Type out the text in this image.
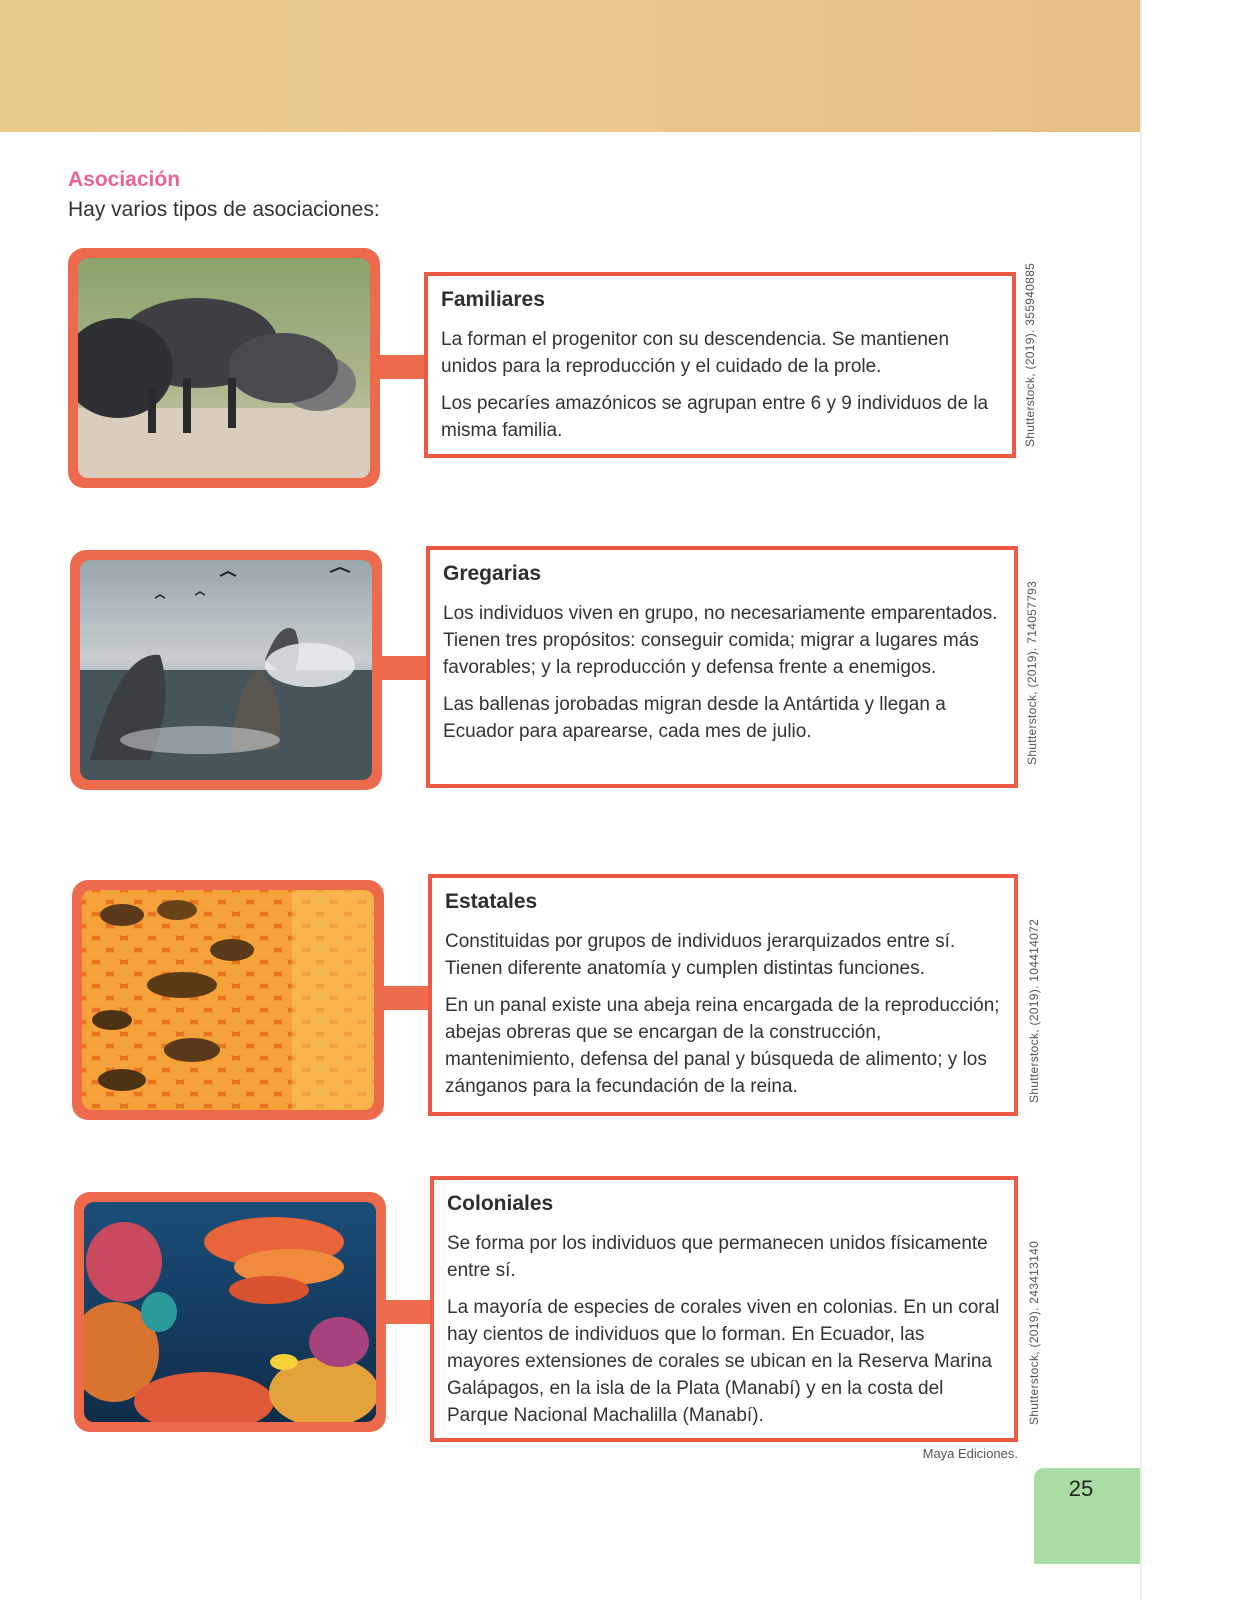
Asociación
Hay varios tipos de asociaciones:
Familiares

La forman el progenitor con su descendencia. Se mantienen unidos para la reproducción y el cuidado de la prole.

Los pecaríes amazónicos se agrupan entre 6 y 9 individuos de la misma familia.	Shutterstock, (2019). 355940885
Gregarias

Los individuos viven en grupo, no necesariamente emparentados. Tienen tres propósitos: conseguir comida; migrar a lugares más favorables; y la reproducción y defensa frente a enemigos.

Las ballenas jorobadas migran desde la Antártida y llegan a Ecuador para aparearse, cada mes de julio.	Shutterstock, (2019). 714057793
Estatales

Constituidas por grupos de individuos jerarquizados entre sí. Tienen diferente anatomía y cumplen distintas funciones.

En un panal existe una abeja reina encargada de la reproducción; abejas obreras que se encargan de la construcción, mantenimiento, defensa del panal y búsqueda de alimento; y los zánganos para la fecundación de la reina.	Shutterstock, (2019). 104414072
Coloniales

Se forma por los individuos que permanecen unidos físicamente entre sí.

La mayoría de especies de corales viven en colonias. En un coral hay cientos de individuos que lo forman. En Ecuador, las mayores extensiones de corales se ubican en la Reserva Marina Galápagos, en la isla de la Plata (Manabí) y en la costa del Parque Nacional Machalilla (Manabí).	Shutterstock, (2019). 243413140
Maya Ediciones.
25
